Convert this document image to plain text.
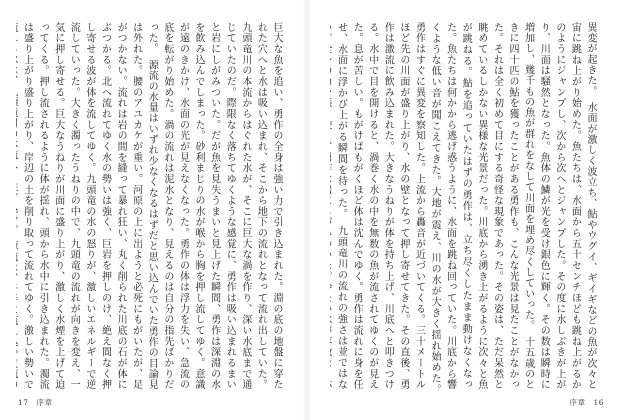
巨大な魚を追い、勇作の全身は強い力で引き込まれた。淵の底の地盤に穿たれた穴へと水は吸い込まれ、そこから地下の流れとなって流れ出していた。九頭竜川の本流からはぐれた水が、そこに巨大な渦を作り、深い水底まで通じていたのだ。際限なく落ちてゆくような感覚に、勇作は吸い込まれるまいと岩にしがみついた。だが魚を見失うまいと見上げた瞬間、勇作は深淵の水を飲み込んでしまった。砂利まじりの水が喉から胸を押し流してゆく。意識が遠のきかけ、水面の光が見えなくなった。勇作の体は浮力を失い、急流の底を転がり始めた。渦の流れは泥水となり、見えるのは自分の指先ばかりだった。　源流の水量はいずれ少なくなるはずだと思い込んでいた勇作の目論見は外れた。腰のアユカケが重い。河原の上に出ようと必死にもがいたが、足がつかない。流れは岩の間を縫って暴れ狂い、丸く削られた川底の石が体にぶつかる。北へ流れてゆく水の勢いは強く、巨岩を押しのけ、絶え間なく押し寄せる波が体を流してゆく。九頭竜の水の怒りが、激しいエネルギーで逆流していった。大きく濁ったうねりの中で、九頭竜の流れが向きを変え、一気に押し寄せる。巨大なうねりが川面に盛り上がり、激しく水煙を上げて迫ってくる。押し流されるように体が揺れ、頭から水中に引き込まれた。濁流は盛り上がり盛り上がり、岸辺の土を削り取って流れてゆく。激しい勢いで　
17 序章
異変が起きた。　水面が激しく波立ち、鮎やウグイ、ギイギなどの魚が次々と宙に跳ね上がり始めた。魚たちは、水面から五十センチほども跳ね上がるかのようにジャンプし、次から次へとジャンプした。その度に水しぶきが上がり、川面は騒然となった。魚体の鱗が光を受け銀色に輝く。その数は瞬時に増加し、幾千もの魚が群れをなして川面を埋め尽くしていった。　十五歳のときに四十匹の鮎を獲ったことがある勇作も、こんな光景は見たことがなかった。それは全く初めて目にする奇怪な現象であった。その姿は、ただ呆然と眺めているしかない異様な光景だった。川底から湧き上がるように次々と魚が跳ねる。鮎を追っていたはずの勇作は、立ち尽くしたまま動けなくなった。魚たちは何かから逃げ惑うように、水面を跳ね回っていた。川底から響くような低い音が聞こえてきた。大地が震え、川の水が大きく揺れ始めた。　勇作はすぐに異変を察知した。上流から轟音が近づいてくる。三十メートルほど先の川面が盛り上がり、水の壁となって押し寄せてきた。その直後、勇作は激流に飲み込まれた。大きなうねりが体を持ち上げ、川底へと叩きつける。水中で目を開けると、渦巻く水の中を無数の魚が流されてゆくのが見えた。息が苦しい。もがけばもがくほど体は沈んでゆく。勇作は流れに身を任せ、水面に浮かび上がる瞬間を待った。　九頭竜川の流れの強さは並ではな　
序章 16
